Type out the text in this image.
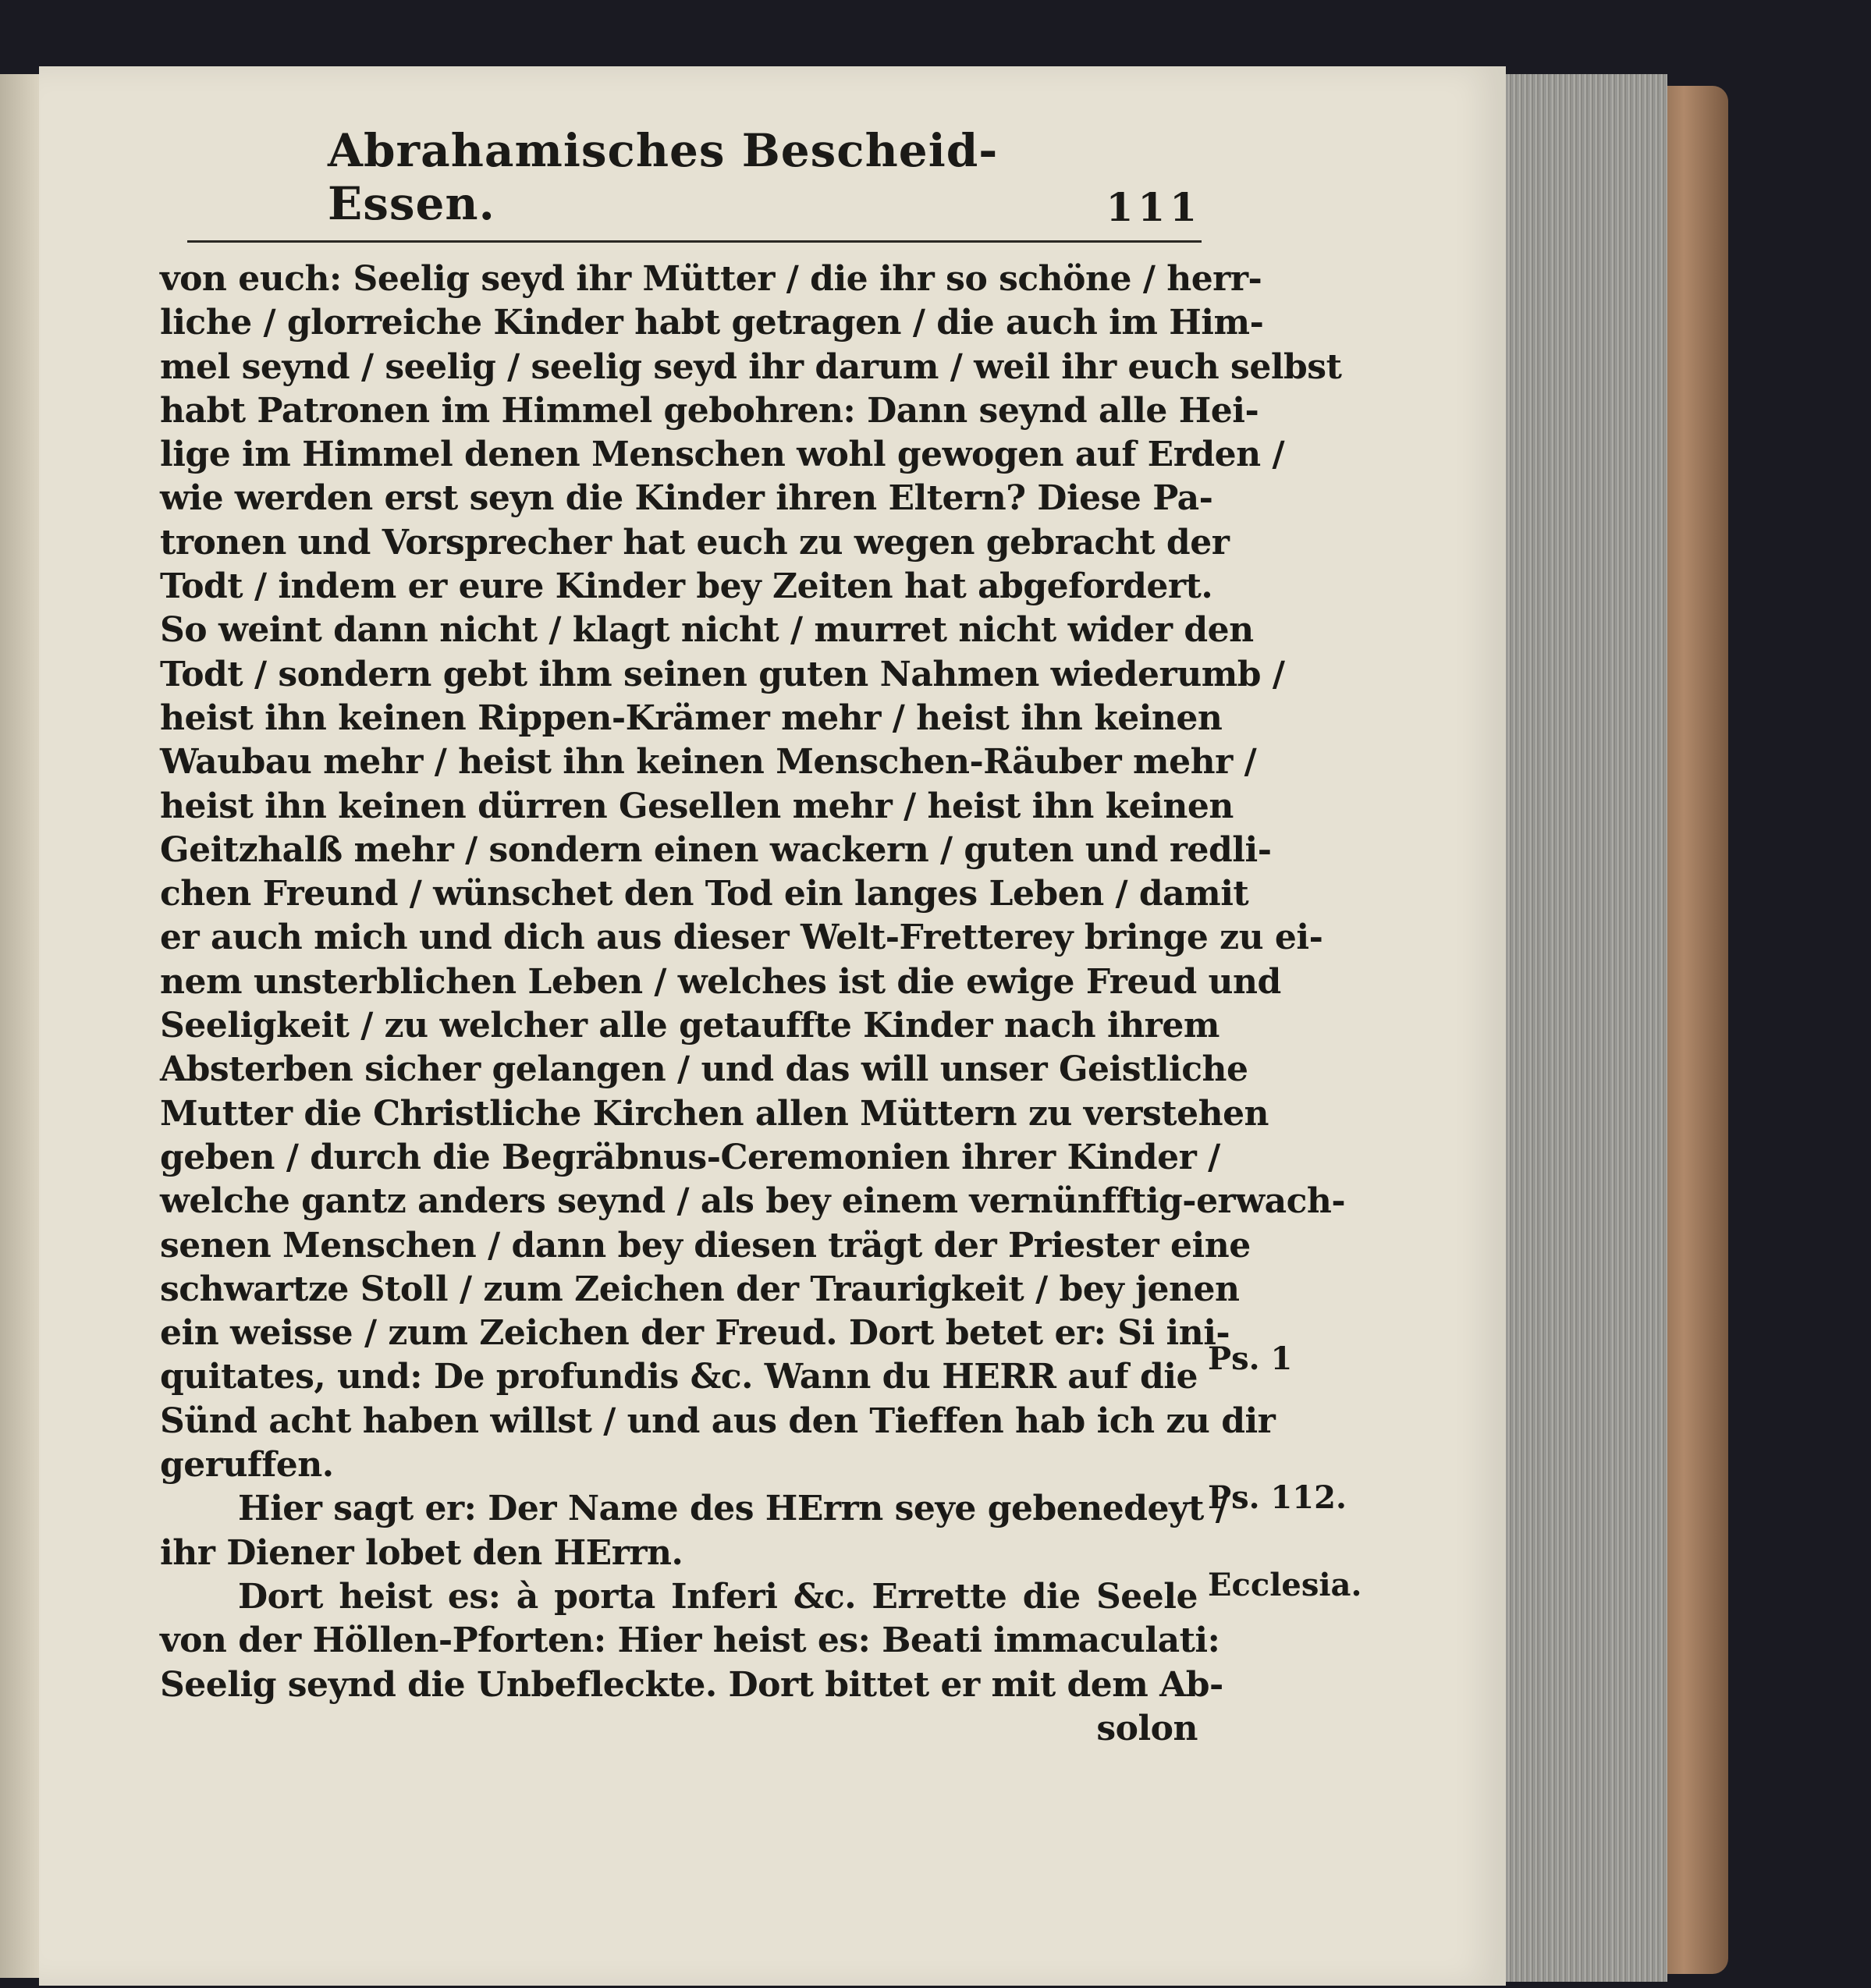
Abrahamisches Bescheid-Essen.	111
von euch: Seelig seyd ihr Mütter / die ihr so schöne / herr-
liche / glorreiche Kinder habt getragen / die auch im Him-
mel seynd / seelig / seelig seyd ihr darum / weil ihr euch selbst
habt Patronen im Himmel gebohren: Dann seynd alle Hei-
lige im Himmel denen Menschen wohl gewogen auf Erden /
wie werden erst seyn die Kinder ihren Eltern? Diese Pa-
tronen und Vorsprecher hat euch zu wegen gebracht der
Todt / indem er eure Kinder bey Zeiten hat abgefordert.
So weint dann nicht / klagt nicht / murret nicht wider den
Todt / sondern gebt ihm seinen guten Nahmen wiederumb /
heist ihn keinen Rippen-Krämer mehr / heist ihn keinen
Waubau mehr / heist ihn keinen Menschen-Räuber mehr /
heist ihn keinen dürren Gesellen mehr / heist ihn keinen
Geitzhalß mehr / sondern einen wackern / guten und redli-
chen Freund / wünschet den Tod ein langes Leben / damit
er auch mich und dich aus dieser Welt-Fretterey bringe zu ei-
nem unsterblichen Leben / welches ist die ewige Freud und
Seeligkeit / zu welcher alle getauffte Kinder nach ihrem
Absterben sicher gelangen / und das will unser Geistliche
Mutter die Christliche Kirchen allen Müttern zu verstehen
geben / durch die Begräbnus-Ceremonien ihrer Kinder /
welche gantz anders seynd / als bey einem vernünfftig-erwach-
senen Menschen / dann bey diesen trägt der Priester eine
schwartze Stoll / zum Zeichen der Traurigkeit / bey jenen
ein weisse / zum Zeichen der Freud. Dort betet er: Si ini-
quitates, und: De profundis &c. Wann du HERR auf die
Sünd acht haben willst / und aus den Tieffen hab ich zu dir
geruffen.
Hier sagt er: Der Name des HErrn seye gebenedeyt /
ihr Diener lobet den HErrn.
Dort heist es: à porta Inferi &c. Errette die Seele
von der Höllen-Pforten: Hier heist es: Beati immaculati:
Seelig seynd die Unbefleckte. Dort bittet er mit dem Ab-
solon
Ps. 1
Ps. 112.
Ecclesia.
